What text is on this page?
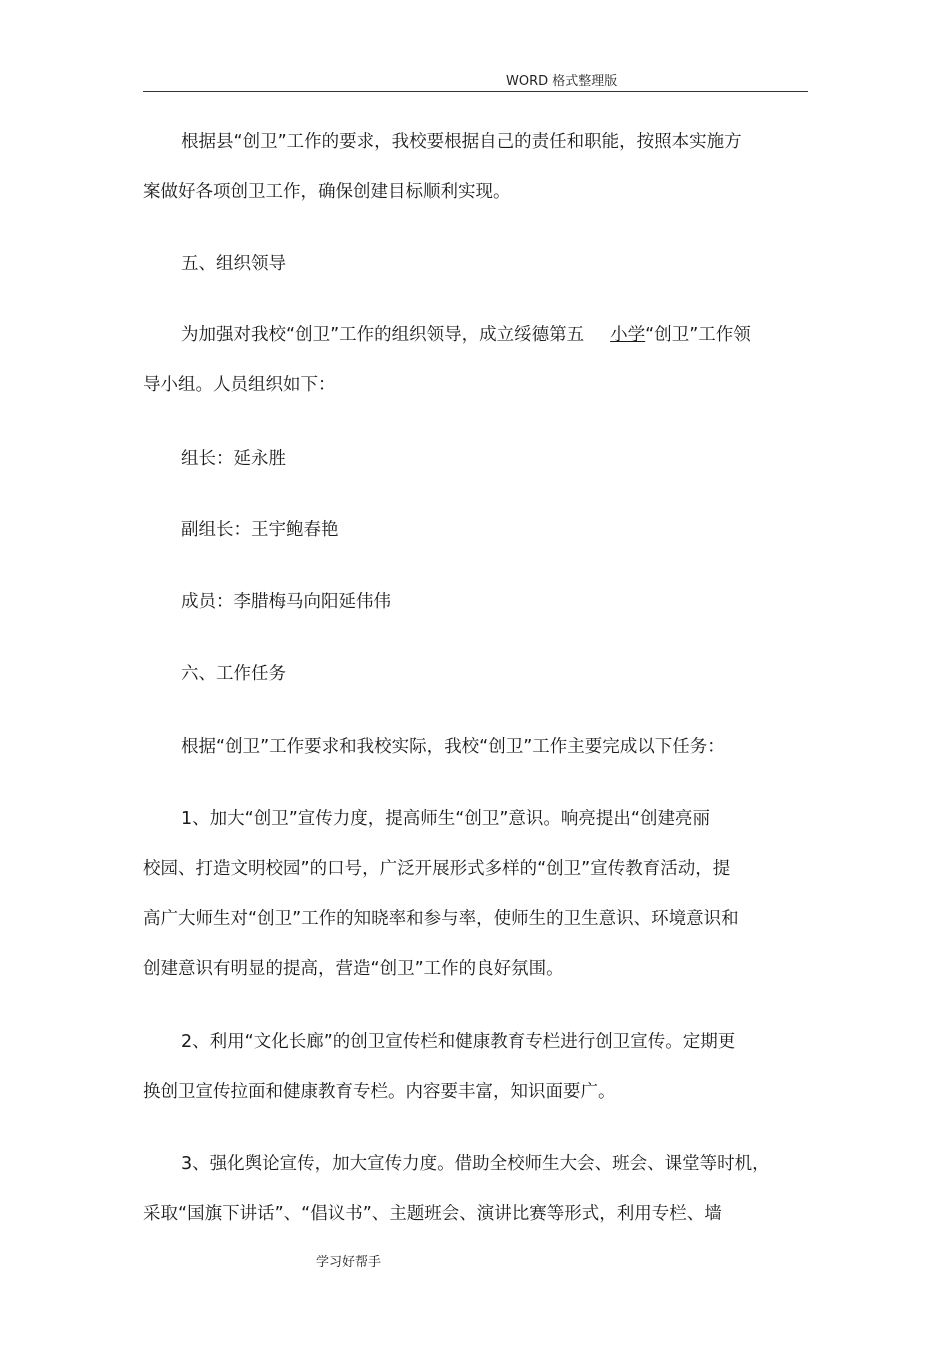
WORD 格式整理版
根据县“创卫”工作的要求，我校要根据自己的责任和职能，按照本实施方
案做好各项创卫工作，确保创建目标顺利实现。
五、组织领导
为加强对我校“创卫”工作的组织领导，成立绥德第五 小学“创卫”工作领
导小组。人员组织如下：
组长：延永胜
副组长：王宇鲍春艳
成员：李腊梅马向阳延伟伟
六、工作任务
根据“创卫”工作要求和我校实际，我校“创卫”工作主要完成以下任务：
1、加大“创卫”宣传力度，提高师生“创卫”意识。响亮提出“创建亮丽
校园、打造文明校园”的口号，广泛开展形式多样的“创卫”宣传教育活动，提
高广大师生对“创卫”工作的知晓率和参与率，使师生的卫生意识、环境意识和
创建意识有明显的提高，营造“创卫”工作的良好氛围。
2、利用“文化长廊”的创卫宣传栏和健康教育专栏进行创卫宣传。定期更
换创卫宣传拉面和健康教育专栏。内容要丰富，知识面要广。
3、强化舆论宣传，加大宣传力度。借助全校师生大会、班会、课堂等时机，
采取“国旗下讲话”、“倡议书”、主题班会、演讲比赛等形式，利用专栏、墙
学习好帮手
